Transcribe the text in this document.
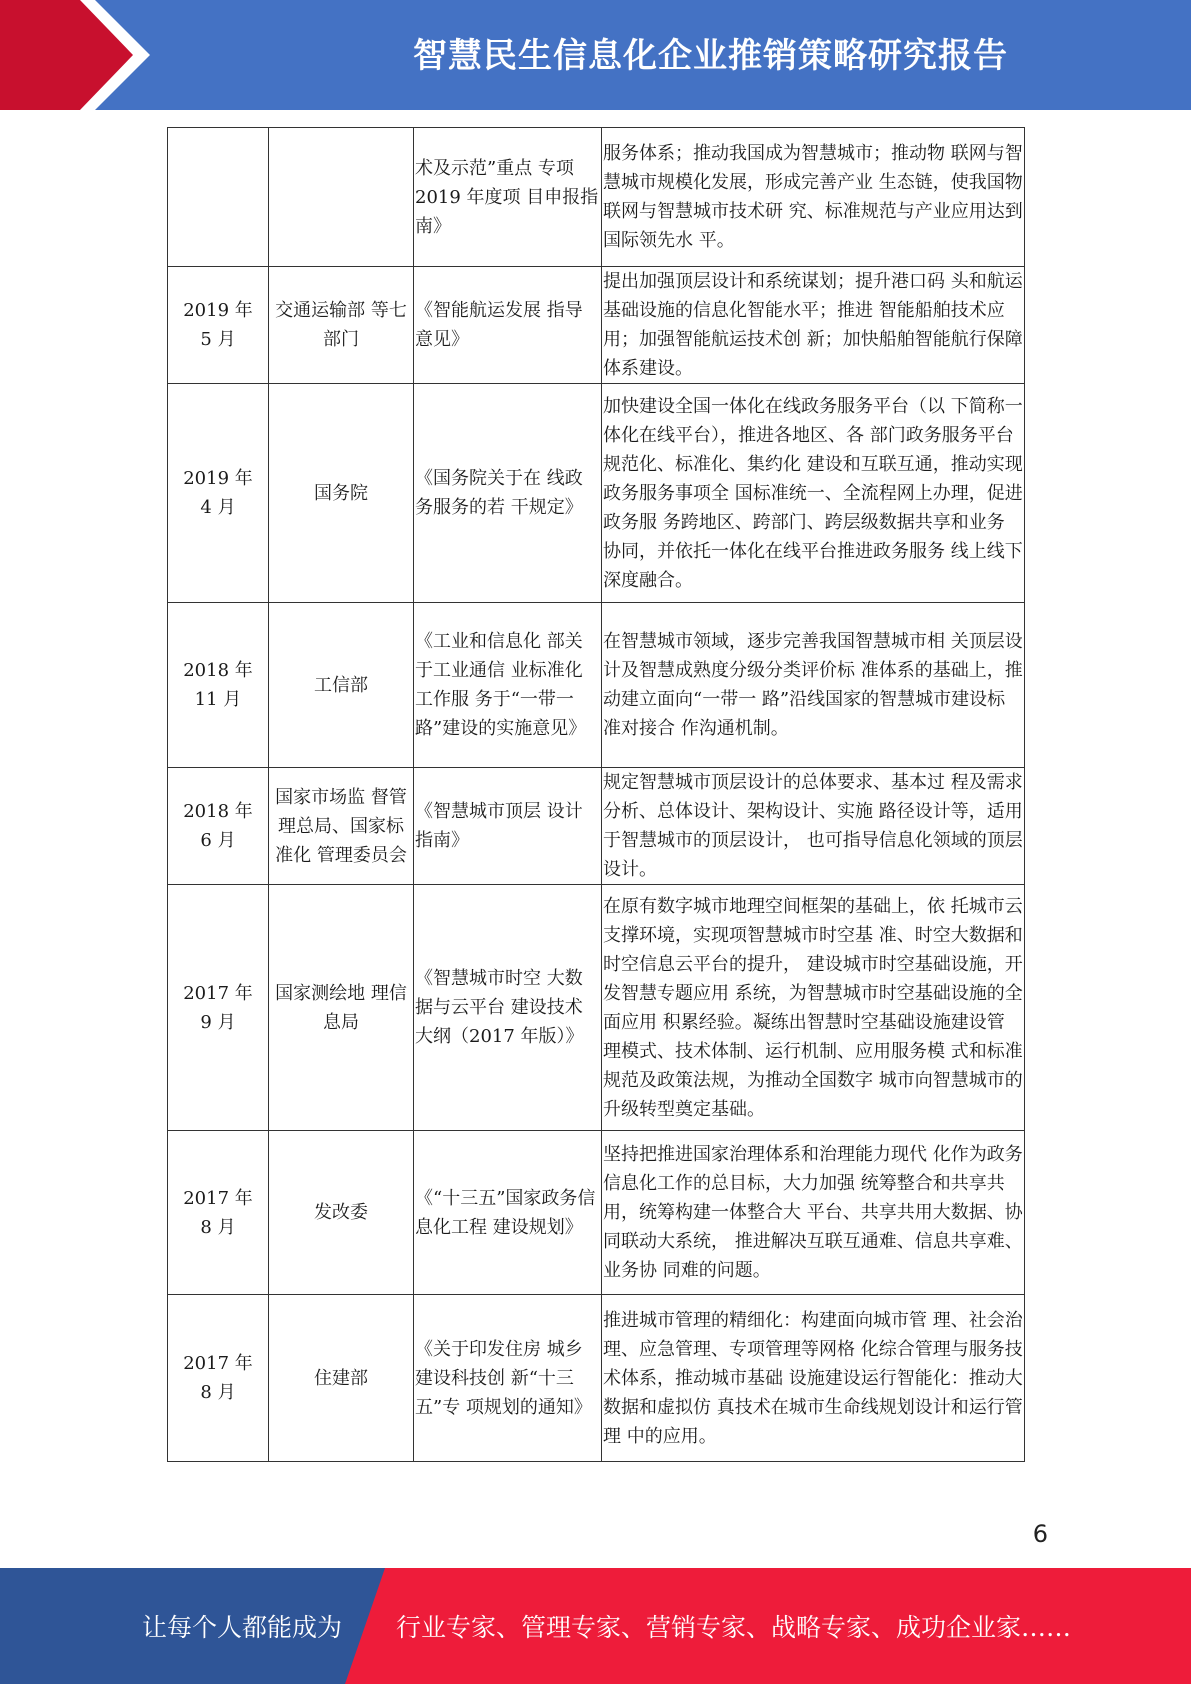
智慧民生信息化企业推销策略研究报告
		术及示范”重点 专项 2019 年度项 目申报指南》	服务体系；推动我国成为智慧城市；推动物 联网与智慧城市规模化发展，形成完善产业 生态链，使我国物联网与智慧城市技术研 究、标准规范与产业应用达到国际领先水 平。

2019 年
5 月	交通运输部 等七部门	《智能航运发展 指导意见》	提出加强顶层设计和系统谋划；提升港口码 头和航运基础设施的信息化智能水平；推进 智能船舶技术应用；加强智能航运技术创 新；加快船舶智能航行保障体系建设。

2019 年
4 月	国务院	《国务院关于在 线政务服务的若 干规定》	加快建设全国一体化在线政务服务平台（以 下简称一体化在线平台），推进各地区、各 部门政务服务平台规范化、标准化、集约化 建设和互联互通，推动实现政务服务事项全 国标准统一、全流程网上办理，促进政务服 务跨地区、跨部门、跨层级数据共享和业务 协同，并依托一体化在线平台推进政务服务 线上线下深度融合。

2018 年
11 月	工信部	《工业和信息化 部关于工业通信 业标准化工作服 务于“一带一 路”建设的实施意见》	在智慧城市领域，逐步完善我国智慧城市相 关顶层设计及智慧成熟度分级分类评价标 准体系的基础上，推动建立面向“一带一 路”沿线国家的智慧城市建设标准对接合 作沟通机制。

2018 年
6 月	国家市场监 督管理总局、国家标准化 管理委员会	《智慧城市顶层 设计指南》	规定智慧城市顶层设计的总体要求、基本过 程及需求分析、总体设计、架构设计、实施 路径设计等，适用于智慧城市的顶层设计， 也可指导信息化领域的顶层设计。

2017 年
9 月	国家测绘地 理信息局	《智慧城市时空 大数据与云平台 建设技术大纲（2017 年版）》	在原有数字城市地理空间框架的基础上，依 托城市云支撑环境，实现项智慧城市时空基 准、时空大数据和时空信息云平台的提升， 建设城市时空基础设施，开发智慧专题应用 系统，为智慧城市时空基础设施的全面应用 积累经验。凝练出智慧时空基础设施建设管 理模式、技术体制、运行机制、应用服务模 式和标准规范及政策法规，为推动全国数字 城市向智慧城市的升级转型奠定基础。

2017 年
8 月	发改委	《“十三五”国家政务信息化工程 建设规划》	坚持把推进国家治理体系和治理能力现代 化作为政务信息化工作的总目标，大力加强 统筹整合和共享共用，统筹构建一体整合大 平台、共享共用大数据、协同联动大系统， 推进解决互联互通难、信息共享难、业务协 同难的问题。

2017 年
8 月	住建部	《关于印发住房 城乡建设科技创 新“十三五”专 项规划的通知》	推进城市管理的精细化：构建面向城市管 理、社会治理、应急管理、专项管理等网格 化综合管理与服务技术体系，推动城市基础 设施建设运行智能化：推动大数据和虚拟仿 真技术在城市生命线规划设计和运行管理 中的应用。
6
让每个人都能成为 行业专家、管理专家、营销专家、战略专家、成功企业家……
